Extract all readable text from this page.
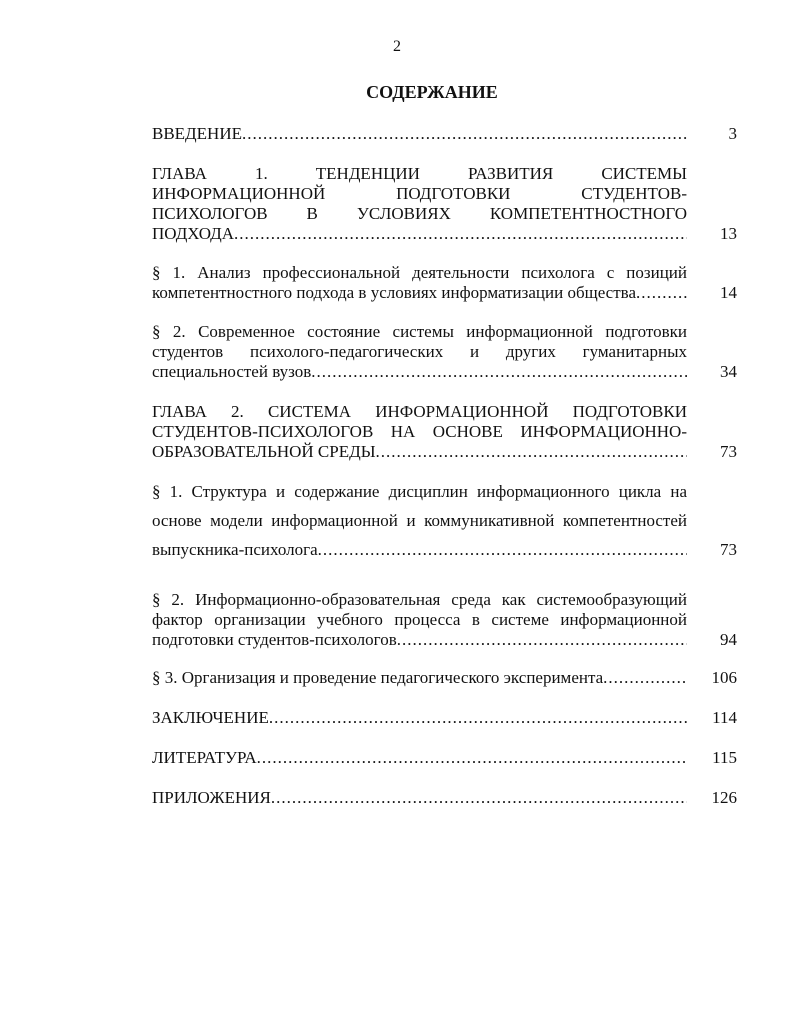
2
СОДЕРЖАНИЕ
ВВЕДЕНИЕ .....	3
ГЛАВА 1. ТЕНДЕНЦИИ РАЗВИТИЯ СИСТЕМЫ
ИНФОРМАЦИОННОЙ ПОДГОТОВКИ СТУДЕНТОВ-
ПСИХОЛОГОВ В УСЛОВИЯХ КОМПЕТЕНТНОСТНОГО
ПОДХОДА .....	13
§ 1. Анализ профессиональной деятельности психолога с позиций
компетентностного подхода в условиях информатизации общества .....	14
§ 2. Современное состояние системы информационной подготовки
студентов психолого-педагогических и других гуманитарных
специальностей вузов .....	34
ГЛАВА 2. СИСТЕМА ИНФОРМАЦИОННОЙ ПОДГОТОВКИ
СТУДЕНТОВ-ПСИХОЛОГОВ НА ОСНОВЕ ИНФОРМАЦИОННО-
ОБРАЗОВАТЕЛЬНОЙ СРЕДЫ .....	73
§ 1. Структура и содержание дисциплин информационного цикла на
основе модели информационной и коммуникативной компетентностей
выпускника-психолога .....	73
§ 2. Информационно-образовательная среда как системообразующий
фактор организации учебного процесса в системе информационной
подготовки студентов-психологов .....	94
§ 3. Организация и проведение педагогического эксперимента .....	106
ЗАКЛЮЧЕНИЕ .....	114
ЛИТЕРАТУРА .....	115
ПРИЛОЖЕНИЯ .....	126
